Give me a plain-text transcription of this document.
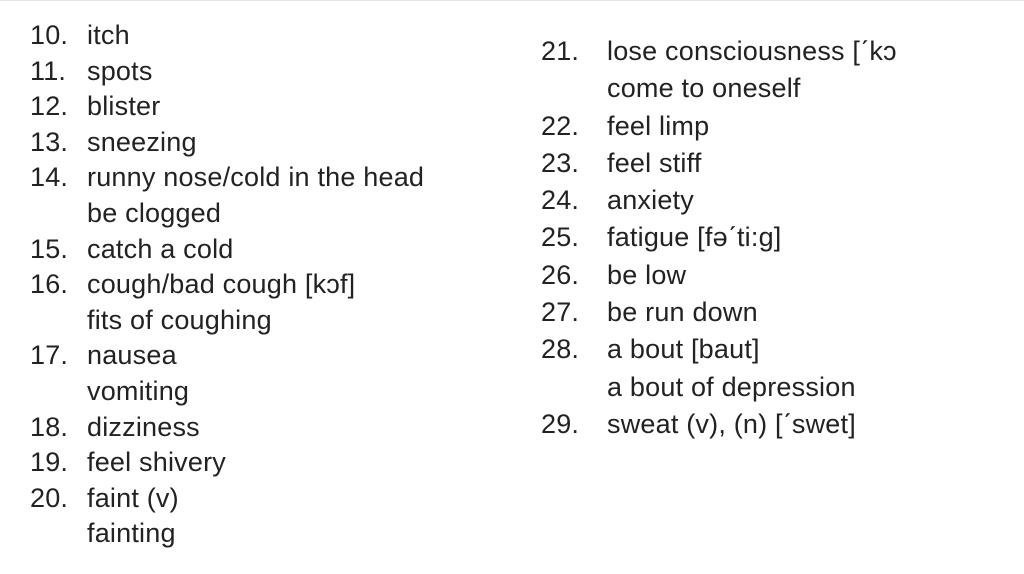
10. itch
11. spots
12. blister
13. sneezing
14. runny nose/cold in the head
be clogged
15. catch a cold
16. cough/bad cough [kɔf]
fits of coughing
17. nausea
vomiting
18. dizziness
19. feel shivery
20. faint (v)
fainting
21. lose consciousness [ˊkɔ
come to oneself
22. feel limp
23. feel stiff
24. anxiety
25. fatigue [fəˊti:g]
26. be low
27. be run down
28. a bout [baut]
a bout of depression
29. sweat (v), (n) [ˊswet]
